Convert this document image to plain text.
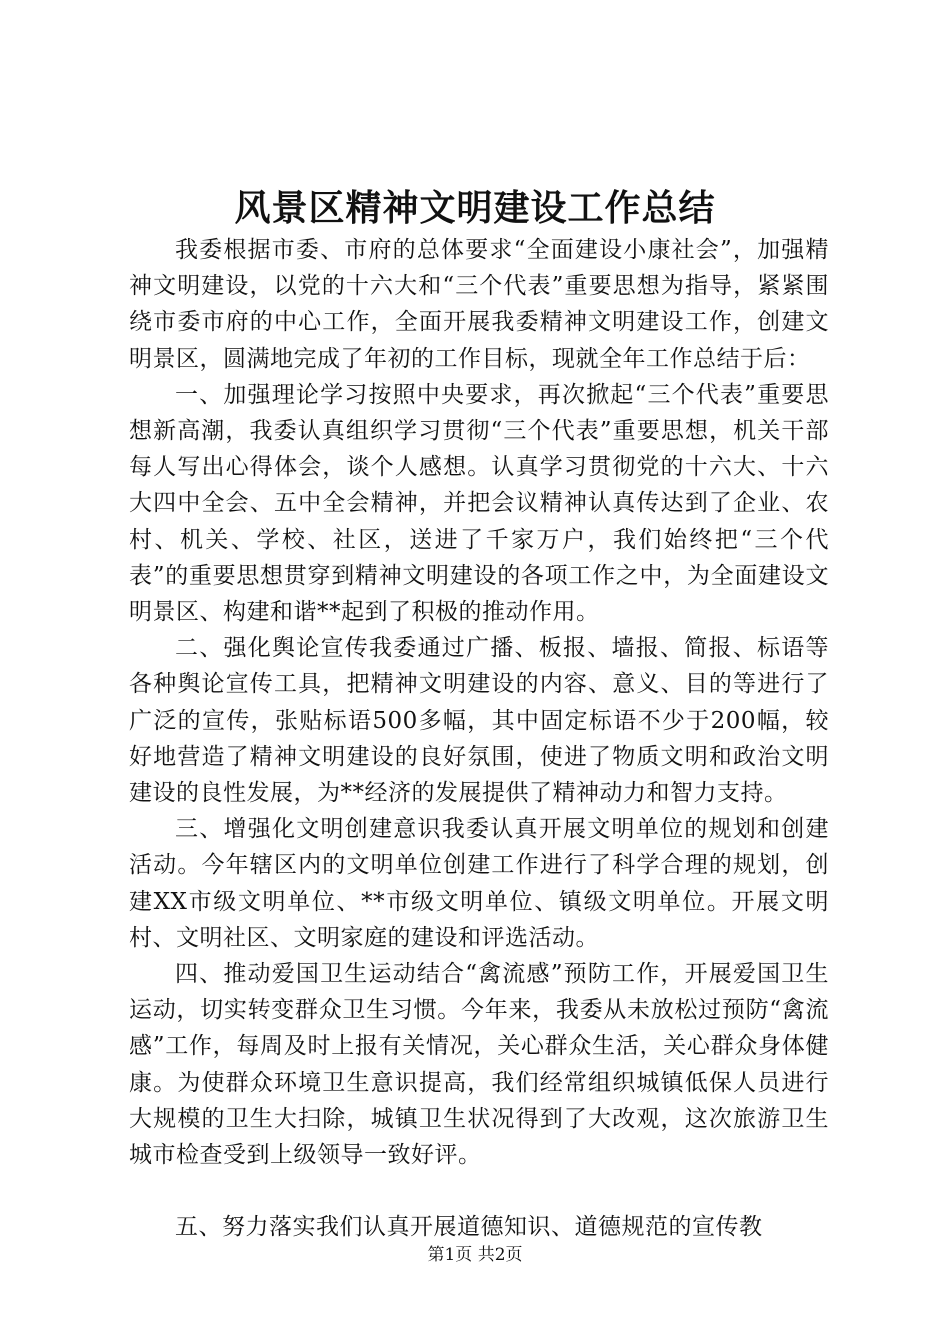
风景区精神文明建设工作总结

我委根据市委、市府的总体要求“全面建设小康社会”，加强精神文明建设，以党的十六大和“三个代表”重要思想为指导，紧紧围绕市委市府的中心工作，全面开展我委精神文明建设工作，创建文明景区，圆满地完成了年初的工作目标，现就全年工作总结于后：

一、加强理论学习按照中央要求，再次掀起“三个代表”重要思想新高潮，我委认真组织学习贯彻“三个代表”重要思想，机关干部每人写出心得体会，谈个人感想。认真学习贯彻党的十六大、十六大四中全会、五中全会精神，并把会议精神认真传达到了企业、农村、机关、学校、社区，送进了千家万户，我们始终把“三个代表”的重要思想贯穿到精神文明建设的各项工作之中，为全面建设文明景区、构建和谐**起到了积极的推动作用。

二、强化舆论宣传我委通过广播、板报、墙报、简报、标语等各种舆论宣传工具，把精神文明建设的内容、意义、目的等进行了广泛的宣传，张贴标语500多幅，其中固定标语不少于200幅，较好地营造了精神文明建设的良好氛围，使进了物质文明和政治文明建设的良性发展，为**经济的发展提供了精神动力和智力支持。

三、增强化文明创建意识我委认真开展文明单位的规划和创建活动。今年辖区内的文明单位创建工作进行了科学合理的规划，创建XX市级文明单位、**市级文明单位、镇级文明单位。开展文明村、文明社区、文明家庭的建设和评选活动。

四、推动爱国卫生运动结合“禽流感”预防工作，开展爱国卫生运动，切实转变群众卫生习惯。今年来，我委从未放松过预防“禽流感”工作，每周及时上报有关情况，关心群众生活，关心群众身体健康。为使群众环境卫生意识提高，我们经常组织城镇低保人员进行大规模的卫生大扫除，城镇卫生状况得到了大改观，这次旅游卫生城市检查受到上级领导一致好评。

五、努力落实我们认真开展道德知识、道德规范的宣传教

第1页 共2页
